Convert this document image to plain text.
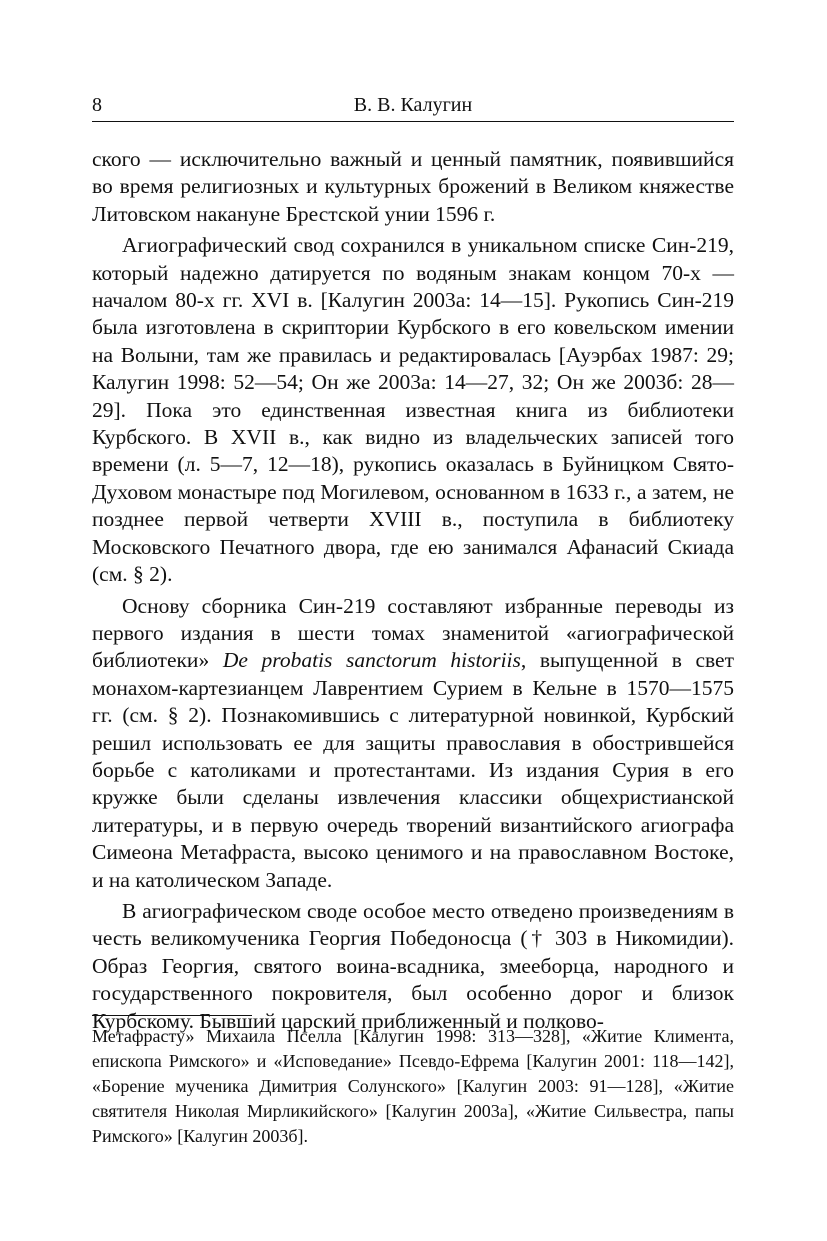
8	В. В. Калугин

ского — исключительно важный и ценный памятник, появившийся во время религиозных и культурных брожений в Великом княжестве Литовском накануне Брестской унии 1596 г.

Агиографический свод сохранился в уникальном списке Син-219, который надежно датируется по водяным знакам концом 70-х — началом 80-х гг. XVI в. [Калугин 2003а: 14—15]. Рукопись Син-219 была изготовлена в скриптории Курбского в его ковельском имении на Волыни, там же правилась и редактировалась [Ауэрбах 1987: 29; Калугин 1998: 52—54; Он же 2003а: 14—27, 32; Он же 2003б: 28—29]. Пока это единственная известная книга из библиотеки Курбского. В XVII в., как видно из владельческих записей того времени (л. 5—7, 12—18), рукопись оказалась в Буйницком Свято-Духовом монастыре под Могилевом, основанном в 1633 г., а затем, не позднее первой четверти XVIII в., поступила в библиотеку Московского Печатного двора, где ею занимался Афанасий Скиада (см. § 2).

Основу сборника Син-219 составляют избранные переводы из первого издания в шести томах знаменитой «агиографической библиотеки» De probatis sanctorum historiis, выпущенной в свет монахом-картезианцем Лаврентием Сурием в Кельне в 1570—1575 гг. (см. § 2). Познакомившись с литературной новинкой, Курбский решил использовать ее для защиты православия в обострившейся борьбе с католиками и протестантами. Из издания Сурия в его кружке были сделаны извлечения классики общехристианской литературы, и в первую очередь творений византийского агиографа Симеона Метафраста, высоко ценимого и на православном Востоке, и на католическом Западе.

В агиографическом своде особое место отведено произведениям в честь великомученика Георгия Победоносца († 303 в Никомидии). Образ Георгия, святого воина-всадника, змееборца, народного и государственного покровителя, был особенно дорог и близок Курбскому. Бывший царский приближенный и полково-

Метафрасту» Михаила Пселла [Калугин 1998: 313—328], «Житие Климента, епископа Римского» и «Исповедание» Псевдо-Ефрема [Калугин 2001: 118—142], «Борение мученика Димитрия Солунского» [Калугин 2003: 91—128], «Житие святителя Николая Мирликийского» [Калугин 2003а], «Житие Сильвестра, папы Римского» [Калугин 2003б].
